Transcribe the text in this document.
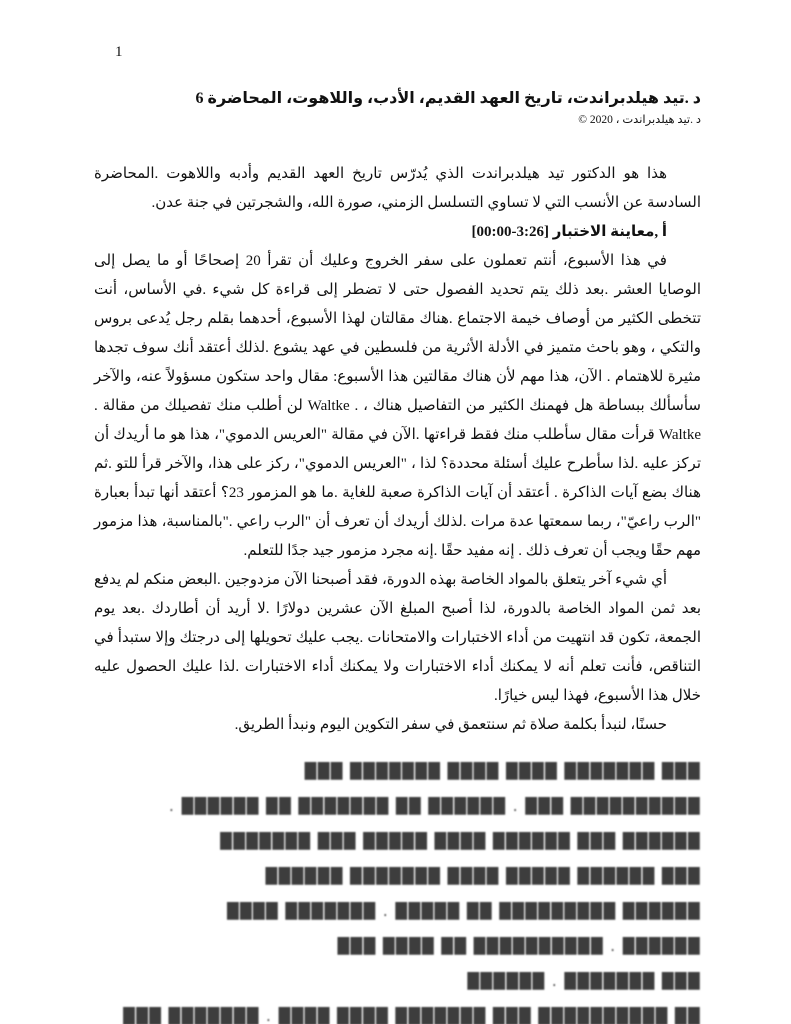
1
د .تيد هيلدبراندت، تاريخ العهد القديم، الأدب، واللاهوت، المحاضرة 6
د .تيد هيلدبراندت ، 2020 ©

هذا هو الدكتور تيد هيلدبراندت الذي يُدرّس تاريخ العهد القديم وأدبه واللاهوت .المحاضرة السادسة عن الأنسب التي لا تساوي التسلسل الزمني، صورة الله، والشجرتين في جنة عدن.

أ ,معاينة الاختبار [3:26-00:00]

في هذا الأسبوع، أنتم تعملون على سفر الخروج وعليك أن تقرأ 20 إصحاحًا أو ما يصل إلى الوصايا العشر .بعد ذلك يتم تحديد الفصول حتى لا تضطر إلى قراءة كل شيء .في الأساس، أنت تتخطى الكثير من أوصاف خيمة الاجتماع .هناك مقالتان لهذا الأسبوع، أحدهما بقلم رجل يُدعى بروس والتكي ، وهو باحث متميز في الأدلة الأثرية من فلسطين في عهد يشوع .لذلك أعتقد أنك سوف تجدها مثيرة للاهتمام . الآن، هذا مهم لأن هناك مقالتين هذا الأسبوع: مقال واحد ستكون مسؤولاً عنه، والآخر سأسألك ببساطة هل فهمنك الكثير من التفاصيل هناك ، . Waltke لن أطلب منك تفصيلك من مقالة . Waltke قرأت مقال سأطلب منك فقط قراءتها .الآن في مقالة "العريس الدموي"، هذا هو ما أريدك أن تركز عليه .لذا سأطرح عليك أسئلة محددة؟ لذا ، "العريس الدموي"، ركز على هذا، والآخر قرأ للتو .ثم هناك بضع آيات الذاكرة . أعتقد أن آيات الذاكرة صعبة للغاية .ما هو المزمور 23؟ أعتقد أنها تبدأ بعبارة "الرب راعيّ"، ربما سمعتها عدة مرات .لذلك أريدك أن تعرف أن "الرب راعي ."بالمناسبة، هذا مزمور مهم حقًا ويجب أن تعرف ذلك . إنه مفيد حقًا .إنه مجرد مزمور جيد جدًا للتعلم.

أي شيء آخر يتعلق بالمواد الخاصة بهذه الدورة، فقد أصبحنا الآن مزدوجين .البعض منكم لم يدفع بعد ثمن المواد الخاصة بالدورة، لذا أصبح المبلغ الآن عشرين دولارًا .لا أريد أن أطاردك .بعد يوم الجمعة، تكون قد انتهيت من أداء الاختبارات والامتحانات .يجب عليك تحويلها إلى درجتك وإلا ستبدأ في التناقص، فأنت تعلم أنه لا يمكنك أداء الاختبارات ولا يمكنك أداء الاختبارات .لذا عليك الحصول عليه خلال هذا الأسبوع، فهذا ليس خيارًا.

حسنًا، لنبدأ بكلمة صلاة ثم سنتعمق في سفر التكوين اليوم ونبدأ الطريق.

███ ███████ ████ ████ ███████ ███
██████████ ███ . ██████ ██ ███████ ██ ██████ .
██████ ███ ██████ ████ █████ ███ ███████
███ ██████ █████ ████ ███████ ██████
██████ █████████ ██ █████ . ███████ ████
██████ . ██████████ ██ ████ ███
███ ███████ . ██████
██ ██████████ ███ ███████ ████ ████ . ███████ ███
